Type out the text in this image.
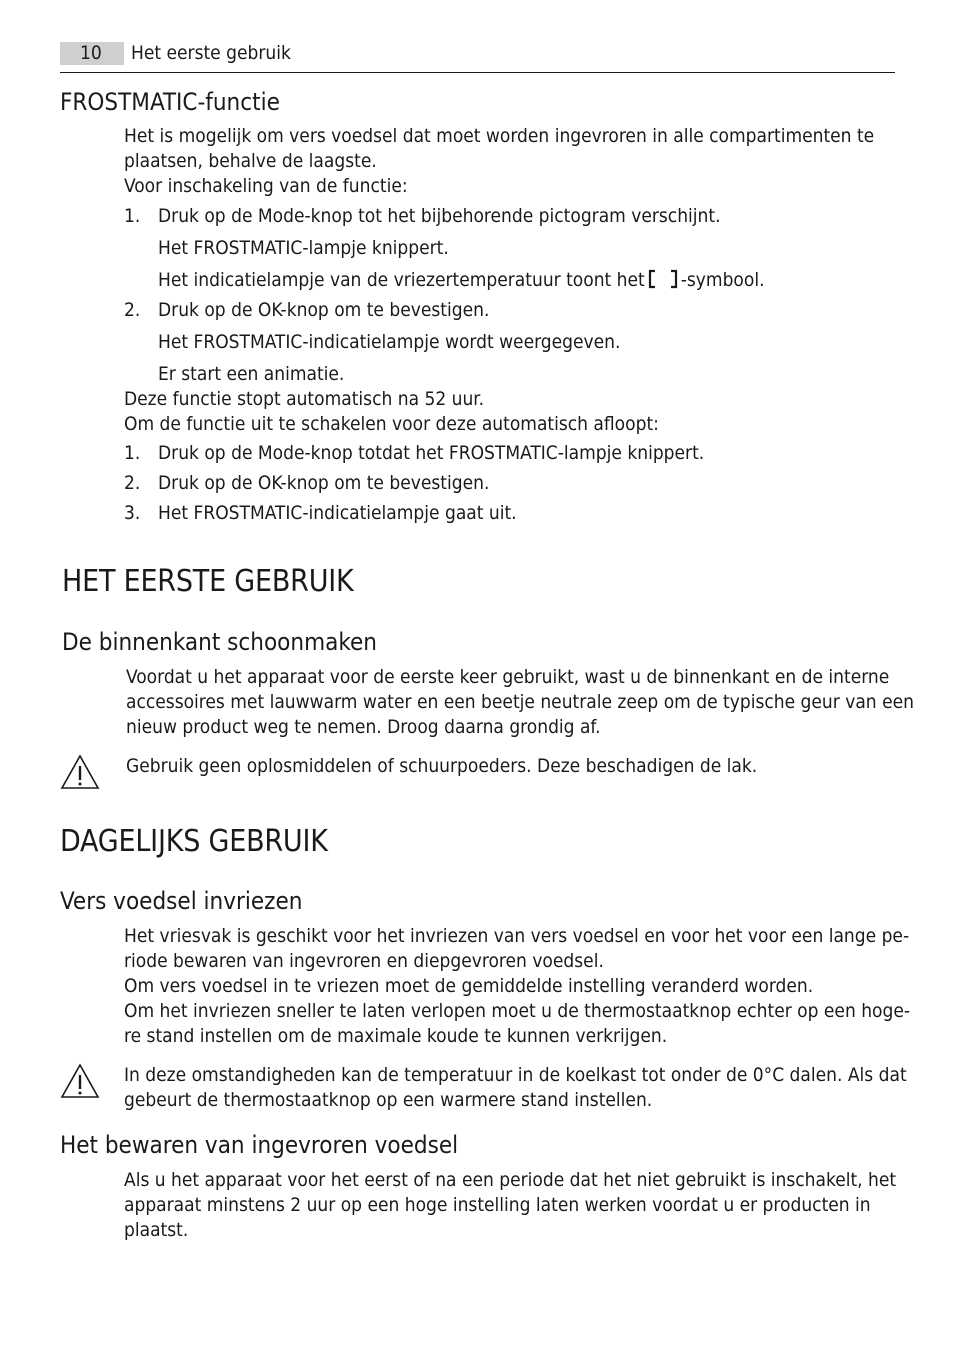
10	Het eerste gebruik
FROSTMATIC-functie
Het is mogelijk om vers voedsel dat moet worden ingevroren in alle compartimenten te
plaatsen, behalve de laagste.
Voor inschakeling van de functie:
1. Druk op de Mode-knop tot het bijbehorende pictogram verschijnt.
Het FROSTMATIC-lampje knippert.
Het indicatielampje van de vriezertemperatuur toont het -symbool.
2. Druk op de OK-knop om te bevestigen.
Het FROSTMATIC-indicatielampje wordt weergegeven.
Er start een animatie.
Deze functie stopt automatisch na 52 uur.
Om de functie uit te schakelen voor deze automatisch afloopt:
1. Druk op de Mode-knop totdat het FROSTMATIC-lampje knippert.
2. Druk op de OK-knop om te bevestigen.
3. Het FROSTMATIC-indicatielampje gaat uit.
HET EERSTE GEBRUIK
De binnenkant schoonmaken
Voordat u het apparaat voor de eerste keer gebruikt, wast u de binnenkant en de interne
accessoires met lauwwarm water en een beetje neutrale zeep om de typische geur van een
nieuw product weg te nemen. Droog daarna grondig af.
Gebruik geen oplosmiddelen of schuurpoeders. Deze beschadigen de lak.
DAGELIJKS GEBRUIK
Vers voedsel invriezen
Het vriesvak is geschikt voor het invriezen van vers voedsel en voor het voor een lange pe-
riode bewaren van ingevroren en diepgevroren voedsel.
Om vers voedsel in te vriezen moet de gemiddelde instelling veranderd worden.
Om het invriezen sneller te laten verlopen moet u de thermostaatknop echter op een hoge-
re stand instellen om de maximale koude te kunnen verkrijgen.
In deze omstandigheden kan de temperatuur in de koelkast tot onder de 0°C dalen. Als dat
gebeurt de thermostaatknop op een warmere stand instellen.
Het bewaren van ingevroren voedsel
Als u het apparaat voor het eerst of na een periode dat het niet gebruikt is inschakelt, het
apparaat minstens 2 uur op een hoge instelling laten werken voordat u er producten in
plaatst.
